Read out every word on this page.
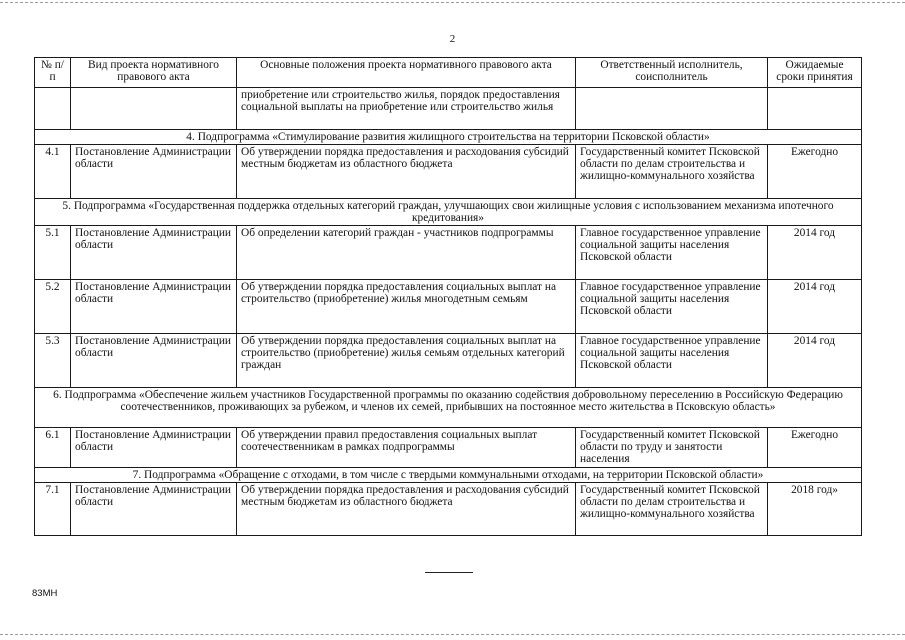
2
№ п/п	Вид проекта нормативного правового акта	Основные положения проекта нормативного правового акта	Ответственный исполнитель, соисполнитель	Ожидаемые сроки принятия
		приобретение или строительство жилья, порядок предоставления социальной выплаты на приобретение или строительство жилья		
4. Подпрограмма «Стимулирование развития жилищного строительства на территории Псковской области»				
4.1	Постановление Администрации области	Об утверждении порядка предоставления и расходования субсидий местным бюджетам из областного бюджета	Государственный комитет Псковской области по делам строительства и жилищно-коммунального хозяйства	Ежегодно
5. Подпрограмма «Государственная поддержка отдельных категорий граждан, улучшающих свои жилищные условия с использованием механизма ипотечного кредитования»				
5.1	Постановление Администрации области	Об определении категорий граждан - участников подпрограммы	Главное государственное управление социальной защиты населения Псковской области	2014 год
5.2	Постановление Администрации области	Об утверждении порядка предоставления социальных выплат на строительство (приобретение) жилья многодетным семьям	Главное государственное управление социальной защиты населения Псковской области	2014 год
5.3	Постановление Администрации области	Об утверждении порядка предоставления социальных выплат на строительство (приобретение) жилья семьям отдельных категорий граждан	Главное государственное управление социальной защиты населения Псковской области	2014 год
6. Подпрограмма «Обеспечение жильем участников Государственной программы по оказанию содействия добровольному переселению в Российскую Федерацию соотечественников, проживающих за рубежом, и членов их семей, прибывших на постоянное место жительства в Псковскую область»				
6.1	Постановление Администрации области	Об утверждении правил предоставления социальных выплат соотечественникам в рамках подпрограммы	Государственный комитет Псковской области по труду и занятости населения	Ежегодно
7. Подпрограмма «Обращение с отходами, в том числе с твердыми коммунальными отходами, на территории Псковской области»				
7.1	Постановление Администрации области	Об утверждении порядка предоставления и расходования субсидий местным бюджетам из областного бюджета	Государственный комитет Псковской области по делам строительства и жилищно-коммунального хозяйства	2018 год»
83MH
